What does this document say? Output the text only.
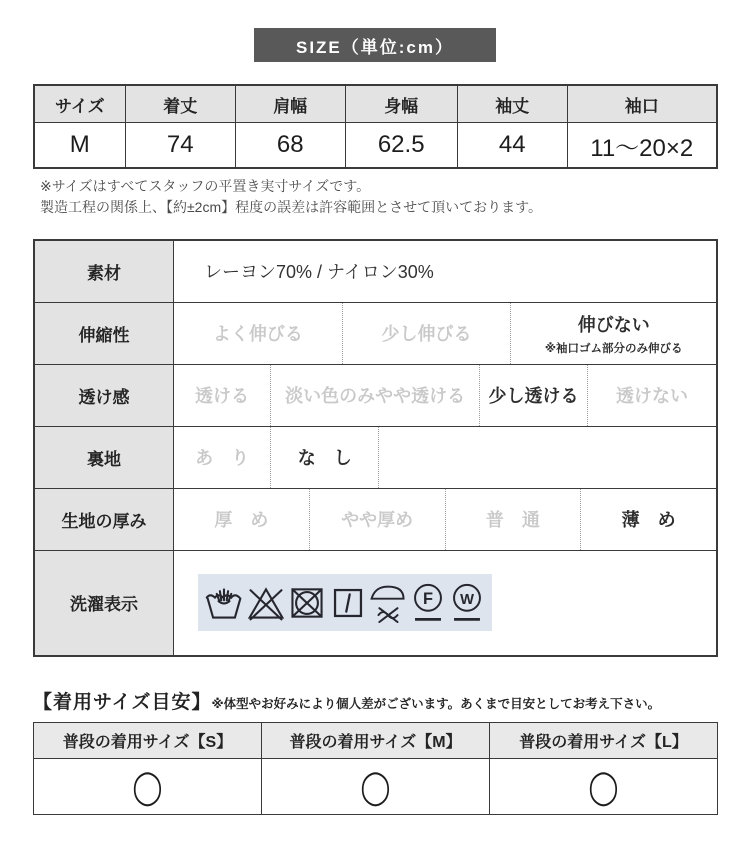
SIZE（単位:cm）
サイズ	着丈	肩幅	身幅	袖丈	袖口
M	74	68	62.5	44	11〜20×2
※サイズはすべてスタッフの平置き実寸サイズです。
製造工程の関係上、【約±2cm】程度の誤差は許容範囲とさせて頂いております。
素材	レーヨン70% / ナイロン30%
伸縮性	よく伸びる	少し伸びる	伸びない
※袖口ゴム部分のみ伸びる
透け感	透ける	淡い色のみやや透ける	少し透ける	透けない
裏地	あ　り	な　し
生地の厚み	厚　め	やや厚め	普　通	薄　め
洗濯表示	F W
【着用サイズ目安】 ※体型やお好みにより個人差がございます。あくまで目安としてお考え下さい。
普段の着用サイズ【S】	普段の着用サイズ【M】	普段の着用サイズ【L】
◯	◯	◯
